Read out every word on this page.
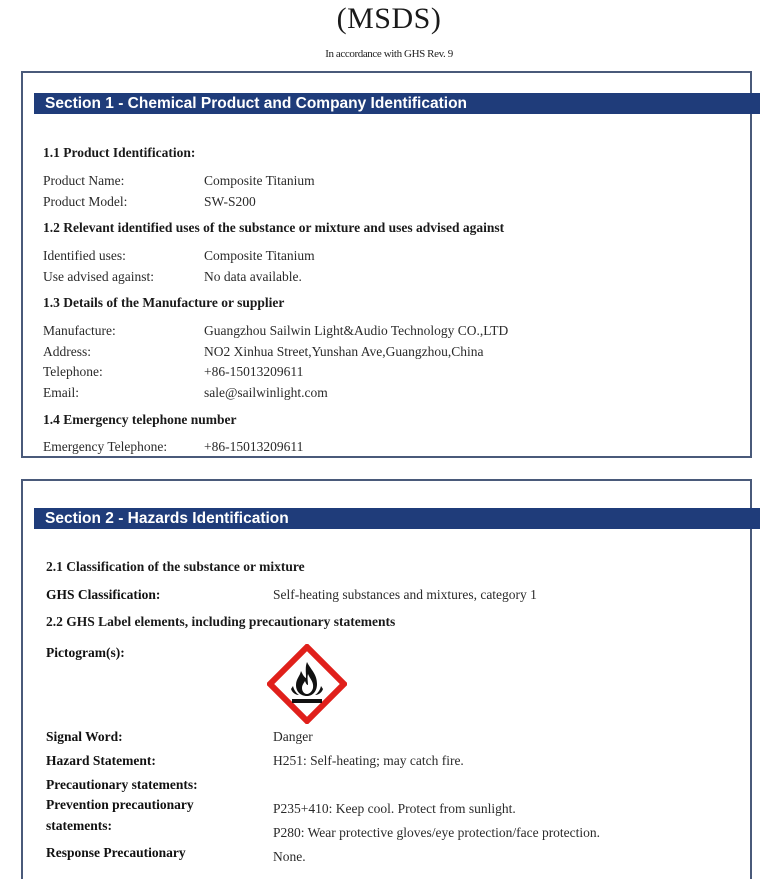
(MSDS)
In accordance with GHS Rev. 9
Section 1 - Chemical Product and Company Identification
1.1 Product Identification:
Product Name:	Composite Titanium
Product Model:	SW-S200
1.2 Relevant identified uses of the substance or mixture and uses advised against
Identified uses:	Composite Titanium
Use advised against:	No data available.
1.3 Details of the Manufacture or supplier
Manufacture:	Guangzhou Sailwin Light&Audio Technology CO.,LTD
Address:	NO2 Xinhua Street,Yunshan Ave,Guangzhou,China
Telephone:	+86-15013209611
Email:	sale@sailwinlight.com
1.4 Emergency telephone number
Emergency Telephone:	+86-15013209611
Section 2 - Hazards Identification
2.1 Classification of the substance or mixture
GHS Classification:	Self-heating substances and mixtures, category 1
2.2 GHS Label elements, including precautionary statements
Pictogram(s):
Signal Word:	Danger
Hazard Statement:	H251: Self-heating; may catch fire.
Precautionary statements:
Prevention precautionary
statements:
P235+410: Keep cool. Protect from sunlight.
P280: Wear protective gloves/eye protection/face protection.
Response Precautionary	None.
